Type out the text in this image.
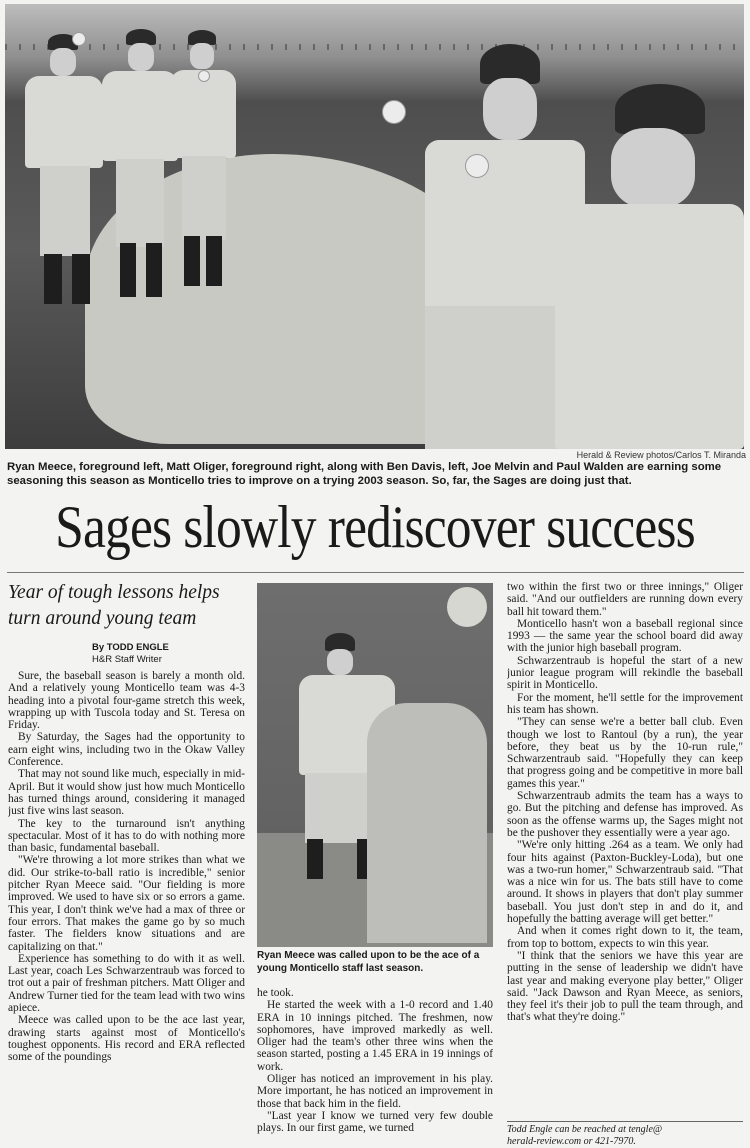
Herald & Review photos/Carlos T. Miranda
Ryan Meece, foreground left, Matt Oliger, foreground right, along with Ben Davis, left, Joe Melvin and Paul Walden are earning some seasoning this season as Monticello tries to improve on a trying 2003 season. So, far, the Sages are doing just that.
Sages slowly rediscover success
Year of tough lessons helps turn around young team
By TODD ENGLE
H&R Staff Writer

Sure, the baseball season is barely a month old. And a relatively young Monticello team was 4-3 heading into a pivotal four-game stretch this week, wrapping up with Tuscola today and St. Teresa on Friday.

By Saturday, the Sages had the opportunity to earn eight wins, including two in the Okaw Valley Conference.

That may not sound like much, especially in mid-April. But it would show just how much Monticello has turned things around, considering it managed just five wins last season.

The key to the turnaround isn't anything spectacular. Most of it has to do with nothing more than basic, fundamental baseball.

"We're throwing a lot more strikes than what we did. Our strike-to-ball ratio is incredible," senior pitcher Ryan Meece said. "Our fielding is more improved. We used to have six or so errors a game. This year, I don't think we've had a max of three or four errors. That makes the game go by so much faster. The fielders know situations and are capitalizing on that."

Experience has something to do with it as well. Last year, coach Les Schwarzentraub was forced to trot out a pair of freshman pitchers. Matt Oliger and Andrew Turner tied for the team lead with two wins apiece.

Meece was called upon to be the ace last year, drawing starts against most of Monticello's toughest opponents. His record and ERA reflected some of the poundings

Ryan Meece was called upon to be the ace of a young Monticello staff last season.

he took.

He started the week with a 1-0 record and 1.40 ERA in 10 innings pitched. The freshmen, now sophomores, have improved markedly as well. Oliger had the team's other three wins when the season started, posting a 1.45 ERA in 19 innings of work.

Oliger has noticed an improvement in his play. More important, he has noticed an improvement in those that back him in the field.

"Last year I know we turned very few double plays. In our first game, we turned

two within the first two or three innings," Oliger said. "And our outfielders are running down every ball hit toward them."

Monticello hasn't won a baseball regional since 1993 — the same year the school board did away with the junior high baseball program.

Schwarzentraub is hopeful the start of a new junior league program will rekindle the baseball spirit in Monticello.

For the moment, he'll settle for the improvement his team has shown.

"They can sense we're a better ball club. Even though we lost to Rantoul (by a run), the year before, they beat us by the 10-run rule," Schwarzentraub said. "Hopefully they can keep that progress going and be competitive in more ball games this year."

Schwarzentraub admits the team has a ways to go. But the pitching and defense has improved. As soon as the offense warms up, the Sages might not be the pushover they essentially were a year ago.

"We're only hitting .264 as a team. We only had four hits against (Paxton-Buckley-Loda), but one was a two-run homer," Schwarzentraub said. "That was a nice win for us. The bats still have to come around. It shows in players that don't play summer baseball. You just don't step in and do it, and hopefully the batting average will get better."

And when it comes right down to it, the team, from top to bottom, expects to win this year.

"I think that the seniors we have this year are putting in the sense of leadership we didn't have last year and making everyone play better," Oliger said. "Jack Dawson and Ryan Meece, as seniors, they feel it's their job to pull the team through, and that's what they're doing."

Todd Engle can be reached at tengle@
herald-review.com or 421-7970.
